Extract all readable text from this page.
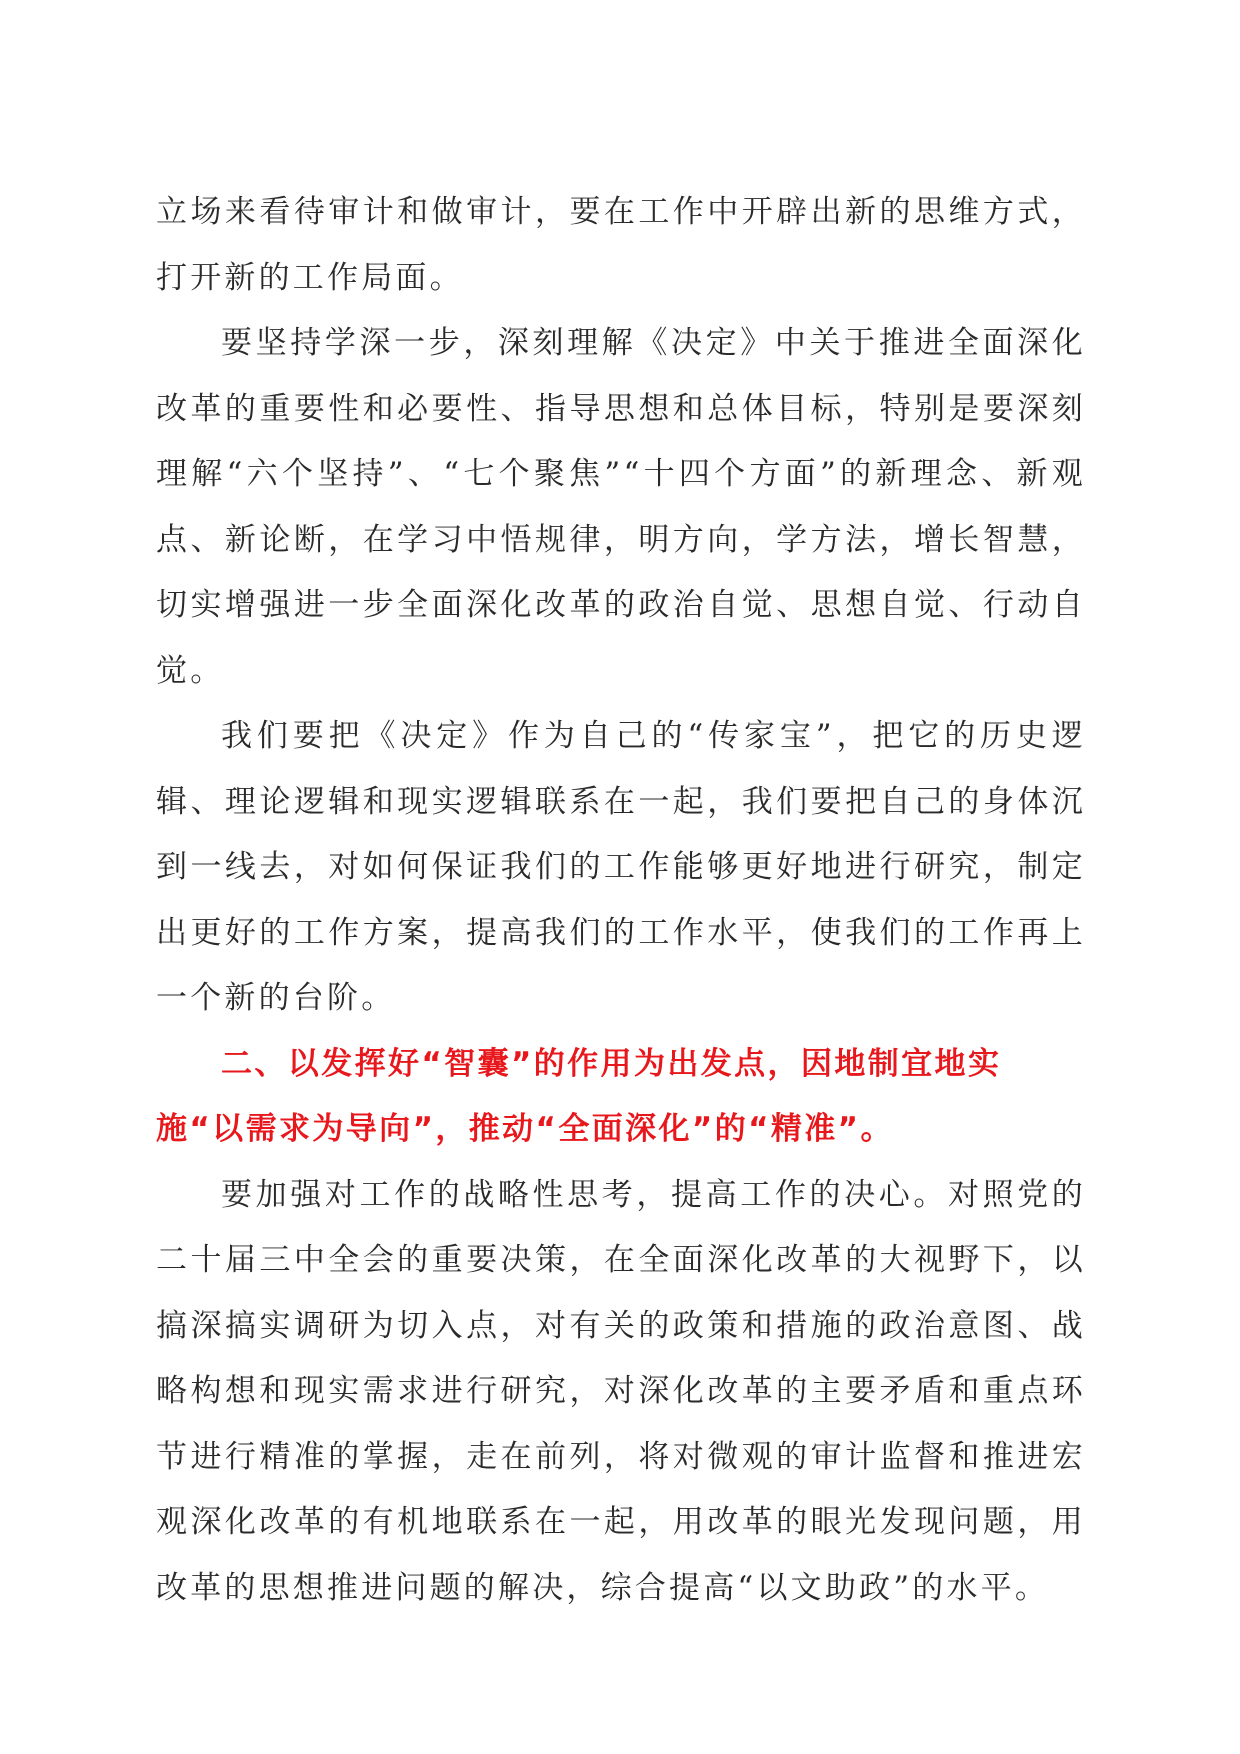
立场来看待审计和做审计，要在工作中开辟出新的思维方式，打开新的工作局面。

要坚持学深一步，深刻理解《决定》中关于推进全面深化改革的重要性和必要性、指导思想和总体目标，特别是要深刻理解“六个坚持”、“七个聚焦”“十四个方面”的新理念、新观点、新论断，在学习中悟规律，明方向，学方法，增长智慧，切实增强进一步全面深化改革的政治自觉、思想自觉、行动自觉。

我们要把《决定》作为自己的“传家宝”，把它的历史逻辑、理论逻辑和现实逻辑联系在一起，我们要把自己的身体沉到一线去，对如何保证我们的工作能够更好地进行研究，制定出更好的工作方案，提高我们的工作水平，使我们的工作再上一个新的台阶。

二、以发挥好“智囊”的作用为出发点，因地制宜地实施“以需求为导向”，推动“全面深化”的“精准”。

要加强对工作的战略性思考，提高工作的决心。对照党的二十届三中全会的重要决策，在全面深化改革的大视野下，以搞深搞实调研为切入点，对有关的政策和措施的政治意图、战略构想和现实需求进行研究，对深化改革的主要矛盾和重点环节进行精准的掌握，走在前列，将对微观的审计监督和推进宏观深化改革的有机地联系在一起，用改革的眼光发现问题，用改革的思想推进问题的解决，综合提高“以文助政”的水平。
